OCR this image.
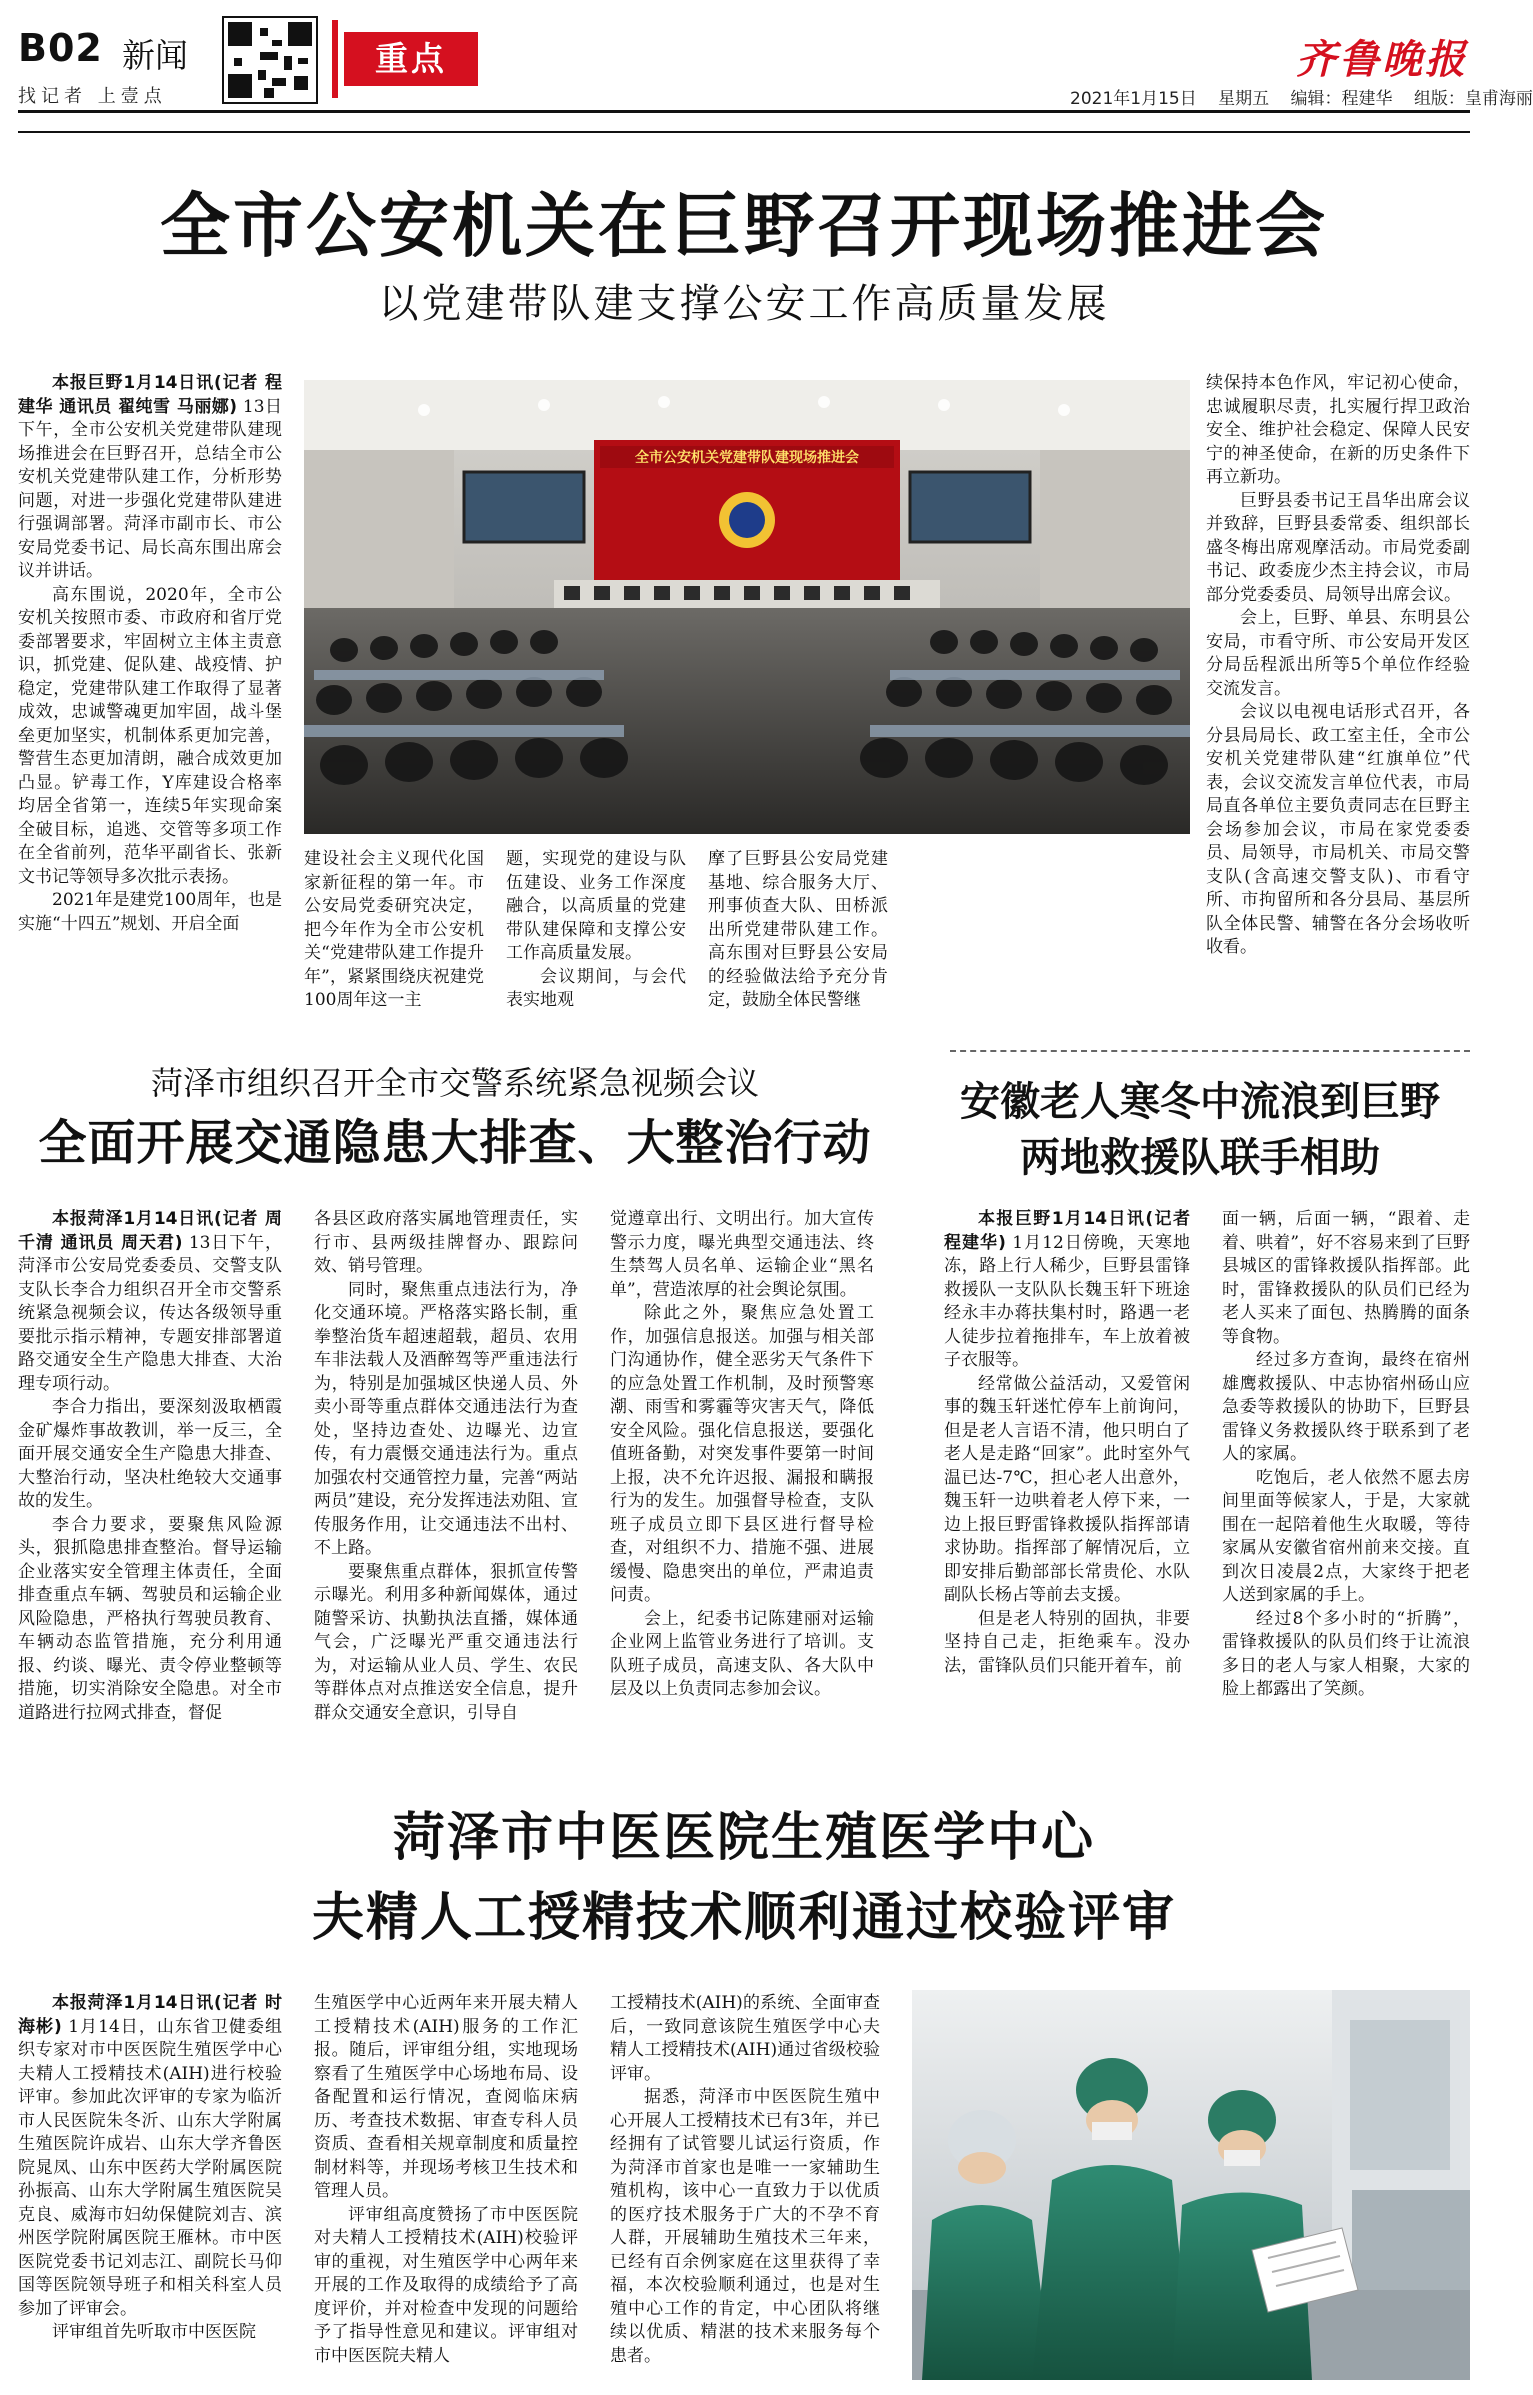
B02 新闻
找记者 上壹点
重点	齐鲁晚报
2021年1月15日 星期五 编辑：程建华 组版：皇甫海丽
全市公安机关在巨野召开现场推进会
以党建带队建支撑公安工作高质量发展

本报巨野1月14日讯(记者 程建华 通讯员 翟纯雪 马丽娜) 13日下午，全市公安机关党建带队建现场推进会在巨野召开，总结全市公安机关党建带队建工作，分析形势问题，对进一步强化党建带队建进行强调部署。菏泽市副市长、市公安局党委书记、局长高东围出席会议并讲话。

高东围说，2020年，全市公安机关按照市委、市政府和省厅党委部署要求，牢固树立主体主责意识，抓党建、促队建、战疫情、护稳定，党建带队建工作取得了显著成效，忠诚警魂更加牢固，战斗堡垒更加坚实，机制体系更加完善，警营生态更加清朗，融合成效更加凸显。铲毒工作，Y库建设合格率均居全省第一，连续5年实现命案全破目标，追逃、交管等多项工作在全省前列，范华平副省长、张新文书记等领导多次批示表扬。

2021年是建党100周年，也是实施“十四五”规划、开启全面

全市公安机关党建带队建现场推进会

建设社会主义现代化国家新征程的第一年。市公安局党委研究决定，把今年作为全市公安机关“党建带队建工作提升年”，紧紧围绕庆祝建党100周年这一主

题，实现党的建设与队伍建设、业务工作深度融合，以高质量的党建带队建保障和支撑公安工作高质量发展。

会议期间，与会代表实地观

摩了巨野县公安局党建基地、综合服务大厅、刑事侦查大队、田桥派出所党建带队建工作。高东围对巨野县公安局的经验做法给予充分肯定，鼓励全体民警继

续保持本色作风，牢记初心使命，忠诚履职尽责，扎实履行捍卫政治安全、维护社会稳定、保障人民安宁的神圣使命，在新的历史条件下再立新功。

巨野县委书记王昌华出席会议并致辞，巨野县委常委、组织部长盛冬梅出席观摩活动。市局党委副书记、政委庞少杰主持会议，市局部分党委委员、局领导出席会议。

会上，巨野、单县、东明县公安局，市看守所、市公安局开发区分局岳程派出所等5个单位作经验交流发言。

会议以电视电话形式召开，各分县局局长、政工室主任，全市公安机关党建带队建“红旗单位”代表，会议交流发言单位代表，市局局直各单位主要负责同志在巨野主会场参加会议，市局在家党委委员、局领导，市局机关、市局交警支队(含高速交警支队)、市看守所、市拘留所和各分县局、基层所队全体民警、辅警在各分会场收听收看。

菏泽市组织召开全市交警系统紧急视频会议
全面开展交通隐患大排查、大整治行动

本报菏泽1月14日讯(记者 周千清 通讯员 周天君) 13日下午，菏泽市公安局党委委员、交警支队支队长李合力组织召开全市交警系统紧急视频会议，传达各级领导重要批示指示精神，专题安排部署道路交通安全生产隐患大排查、大治理专项行动。

李合力指出，要深刻汲取栖霞金矿爆炸事故教训，举一反三，全面开展交通安全生产隐患大排查、大整治行动，坚决杜绝较大交通事故的发生。

李合力要求，要聚焦风险源头，狠抓隐患排查整治。督导运输企业落实安全管理主体责任，全面排查重点车辆、驾驶员和运输企业风险隐患，严格执行驾驶员教育、车辆动态监管措施，充分利用通报、约谈、曝光、责令停业整顿等措施，切实消除安全隐患。对全市道路进行拉网式排查，督促

各县区政府落实属地管理责任，实行市、县两级挂牌督办、跟踪问效、销号管理。

同时，聚焦重点违法行为，净化交通环境。严格落实路长制，重拳整治货车超速超载，超员、农用车非法载人及酒醉驾等严重违法行为，特别是加强城区快递人员、外卖小哥等重点群体交通违法行为查处，坚持边查处、边曝光、边宣传，有力震慑交通违法行为。重点加强农村交通管控力量，完善“两站两员”建设，充分发挥违法劝阻、宣传服务作用，让交通违法不出村、不上路。

要聚焦重点群体，狠抓宣传警示曝光。利用多种新闻媒体，通过随警采访、执勤执法直播，媒体通气会，广泛曝光严重交通违法行为，对运输从业人员、学生、农民等群体点对点推送安全信息，提升群众交通安全意识，引导自

觉遵章出行、文明出行。加大宣传警示力度，曝光典型交通违法、终生禁驾人员名单、运输企业“黑名单”，营造浓厚的社会舆论氛围。

除此之外，聚焦应急处置工作，加强信息报送。加强与相关部门沟通协作，健全恶劣天气条件下的应急处置工作机制，及时预警寒潮、雨雪和雾霾等灾害天气，降低安全风险。强化信息报送，要强化值班备勤，对突发事件要第一时间上报，决不允许迟报、漏报和瞒报行为的发生。加强督导检查，支队班子成员立即下县区进行督导检查，对组织不力、措施不强、进展缓慢、隐患突出的单位，严肃追责问责。

会上，纪委书记陈建丽对运输企业网上监管业务进行了培训。支队班子成员，高速支队、各大队中层及以上负责同志参加会议。

安徽老人寒冬中流浪到巨野
两地救援队联手相助

本报巨野1月14日讯(记者 程建华) 1月12日傍晚，天寒地冻，路上行人稀少，巨野县雷锋救援队一支队队长魏玉轩下班途经永丰办蒋扶集村时，路遇一老人徒步拉着拖排车，车上放着被子衣服等。

经常做公益活动，又爱管闲事的魏玉轩迷忙停车上前询问，但是老人言语不清，他只明白了老人是走路“回家”。此时室外气温已达-7℃，担心老人出意外，魏玉轩一边哄着老人停下来，一边上报巨野雷锋救援队指挥部请求协助。指挥部了解情况后，立即安排后勤部部长常贵伦、水队副队长杨占等前去支援。

但是老人特别的固执，非要坚持自己走，拒绝乘车。没办法，雷锋队员们只能开着车，前

面一辆，后面一辆，“跟着、走着、哄着”，好不容易来到了巨野县城区的雷锋救援队指挥部。此时，雷锋救援队的队员们已经为老人买来了面包、热腾腾的面条等食物。

经过多方查询，最终在宿州雄鹰救援队、中志协宿州砀山应急委等救援队的协助下，巨野县雷锋义务救援队终于联系到了老人的家属。

吃饱后，老人依然不愿去房间里面等候家人，于是，大家就围在一起陪着他生火取暖，等待家属从安徽省宿州前来交接。直到次日凌晨2点，大家终于把老人送到家属的手上。

经过8个多小时的“折腾”，雷锋救援队的队员们终于让流浪多日的老人与家人相聚，大家的脸上都露出了笑颜。

菏泽市中医医院生殖医学中心
夫精人工授精技术顺利通过校验评审

本报菏泽1月14日讯(记者 时海彬) 1月14日，山东省卫健委组织专家对市中医医院生殖医学中心夫精人工授精技术(AIH)进行校验评审。参加此次评审的专家为临沂市人民医院朱冬沂、山东大学附属生殖医院许成岩、山东大学齐鲁医院晁凤、山东中医药大学附属医院孙振高、山东大学附属生殖医院吴克良、威海市妇幼保健院刘吉、滨州医学院附属医院王雁林。市中医医院党委书记刘志江、副院长马仰国等医院领导班子和相关科室人员参加了评审会。

评审组首先听取市中医医院

生殖医学中心近两年来开展夫精人工授精技术(AIH)服务的工作汇报。随后，评审组分组，实地现场察看了生殖医学中心场地布局、设备配置和运行情况，查阅临床病历、考查技术数据、审查专科人员资质、查看相关规章制度和质量控制材料等，并现场考核卫生技术和管理人员。

评审组高度赞扬了市中医医院对夫精人工授精技术(AIH)校验评审的重视，对生殖医学中心两年来开展的工作及取得的成绩给予了高度评价，并对检查中发现的问题给予了指导性意见和建议。评审组对市中医医院夫精人

工授精技术(AIH)的系统、全面审查后，一致同意该院生殖医学中心夫精人工授精技术(AIH)通过省级校验评审。

据悉，菏泽市中医医院生殖中心开展人工授精技术已有3年，并已经拥有了试管婴儿试运行资质，作为菏泽市首家也是唯一一家辅助生殖机构，该中心一直致力于以优质的医疗技术服务于广大的不孕不育人群，开展辅助生殖技术三年来，已经有百余例家庭在这里获得了幸福，本次校验顺利通过，也是对生殖中心工作的肯定，中心团队将继续以优质、精湛的技术来服务每个患者。
